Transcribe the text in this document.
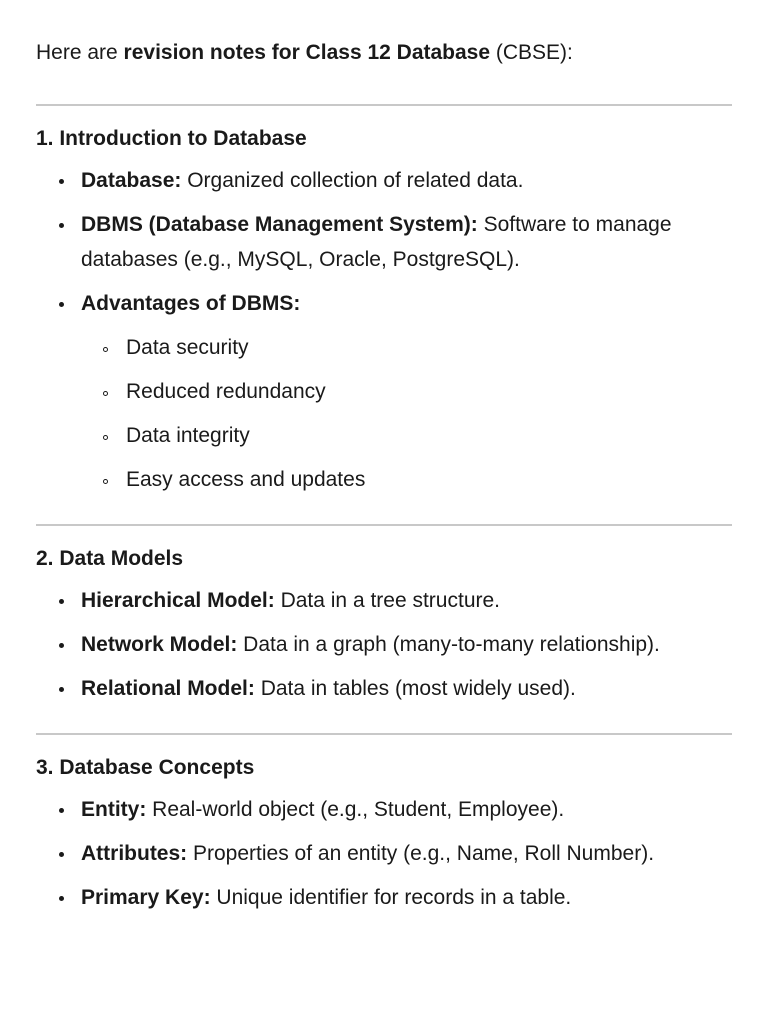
Here are revision notes for Class 12 Database (CBSE):

1. Introduction to Database
Database: Organized collection of related data.
DBMS (Database Management System): Software to manage databases (e.g., MySQL, Oracle, PostgreSQL).
Advantages of DBMS:
Data security
Reduced redundancy
Data integrity
Easy access and updates
2. Data Models
Hierarchical Model: Data in a tree structure.
Network Model: Data in a graph (many-to-many relationship).
Relational Model: Data in tables (most widely used).
3. Database Concepts
Entity: Real-world object (e.g., Student, Employee).
Attributes: Properties of an entity (e.g., Name, Roll Number).
Primary Key: Unique identifier for records in a table.
